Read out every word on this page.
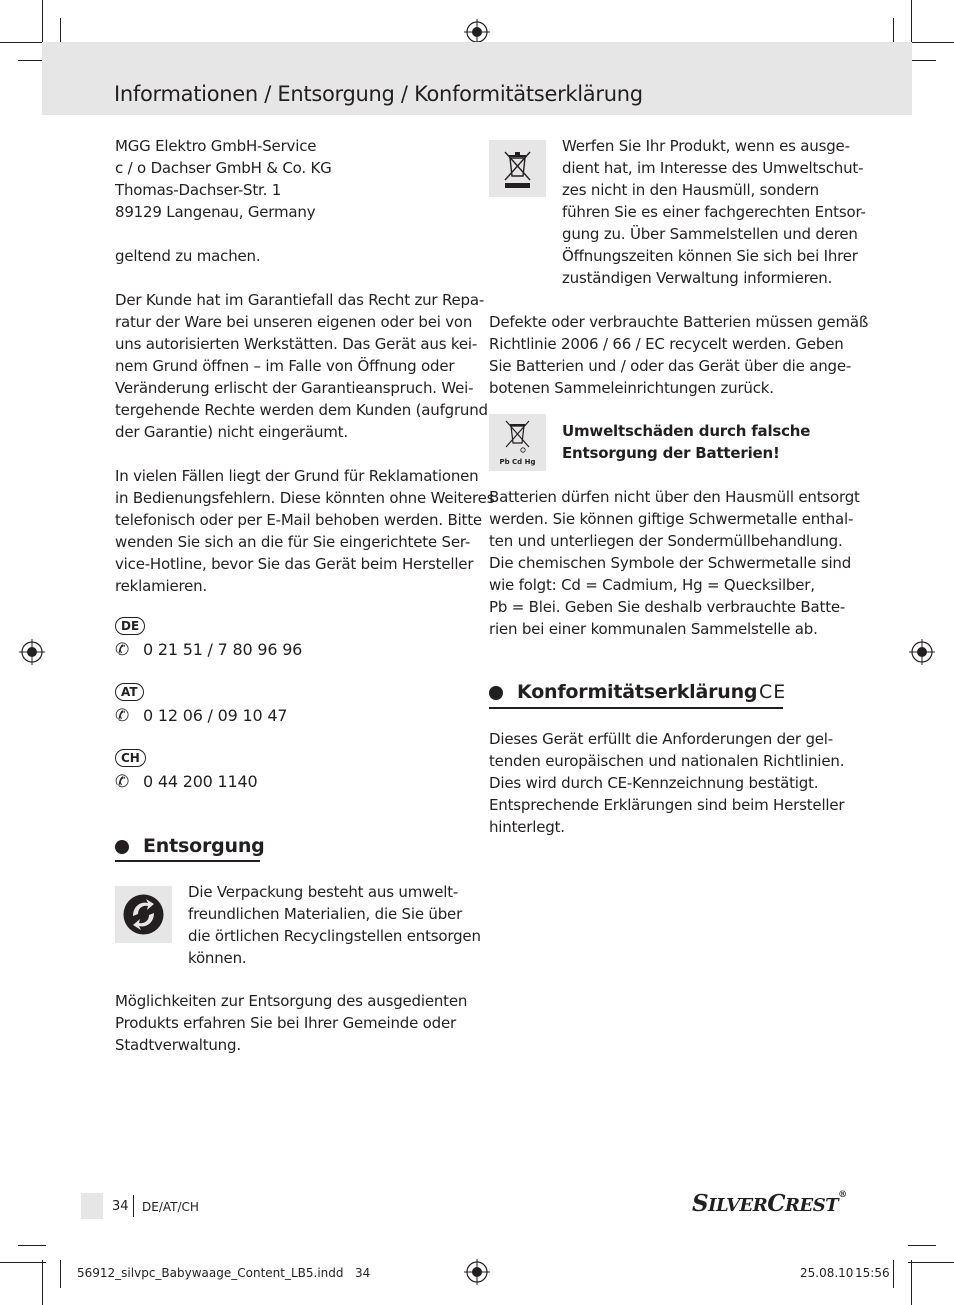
Informationen / Entsorgung / Konformitätserklärung
MGG Elektro GmbH-Service
c / o Dachser GmbH & Co. KG
Thomas-Dachser-Str. 1
89129 Langenau, Germany
geltend zu machen.
Der Kunde hat im Garantiefall das Recht zur Repa-
ratur der Ware bei unseren eigenen oder bei von
uns autorisierten Werkstätten. Das Gerät aus kei-
nem Grund öffnen – im Falle von Öffnung oder
Veränderung erlischt der Garantieanspruch. Wei-
tergehende Rechte werden dem Kunden (aufgrund
der Garantie) nicht eingeräumt.
In vielen Fällen liegt der Grund für Reklamationen
in Bedienungsfehlern. Diese könnten ohne Weiteres
telefonisch oder per E-Mail behoben werden. Bitte
wenden Sie sich an die für Sie eingerichtete Ser-
vice-Hotline, bevor Sie das Gerät beim Hersteller
reklamieren.
DE
✆ 0 21 51 / 7 80 96 96
AT
✆ 0 12 06 / 09 10 47
CH
✆ 0 44 200 1140
Entsorgung
Die Verpackung besteht aus umwelt-
freundlichen Materialien, die Sie über
die örtlichen Recyclingstellen entsorgen
können.
Möglichkeiten zur Entsorgung des ausgedienten
Produkts erfahren Sie bei Ihrer Gemeinde oder
Stadtverwaltung.
Werfen Sie Ihr Produkt, wenn es ausge-
dient hat, im Interesse des Umweltschut-
zes nicht in den Hausmüll, sondern
führen Sie es einer fachgerechten Entsor-
gung zu. Über Sammelstellen und deren
Öffnungszeiten können Sie sich bei Ihrer
zuständigen Verwaltung informieren.
Defekte oder verbrauchte Batterien müssen gemäß
Richtlinie 2006 / 66 / EC recycelt werden. Geben
Sie Batterien und / oder das Gerät über die ange-
botenen Sammeleinrichtungen zurück.
Pb Cd Hg
Umweltschäden durch falsche
Entsorgung der Batterien!
Batterien dürfen nicht über den Hausmüll entsorgt
werden. Sie können giftige Schwermetalle enthal-
ten und unterliegen der Sondermüllbehandlung.
Die chemischen Symbole der Schwermetalle sind
wie folgt: Cd = Cadmium, Hg = Quecksilber,
Pb = Blei. Geben Sie deshalb verbrauchte Batte-
rien bei einer kommunalen Sammelstelle ab.
Konformitätserklärung CE
Dieses Gerät erfüllt die Anforderungen der gel-
tenden europäischen und nationalen Richtlinien.
Dies wird durch CE-Kennzeichnung bestätigt.
Entsprechende Erklärungen sind beim Hersteller
hinterlegt.
34 DE/AT/CH	SILVERCREST®
56912_silvpc_Babywaage_Content_LB5.indd   34	25.08.10 15:56
